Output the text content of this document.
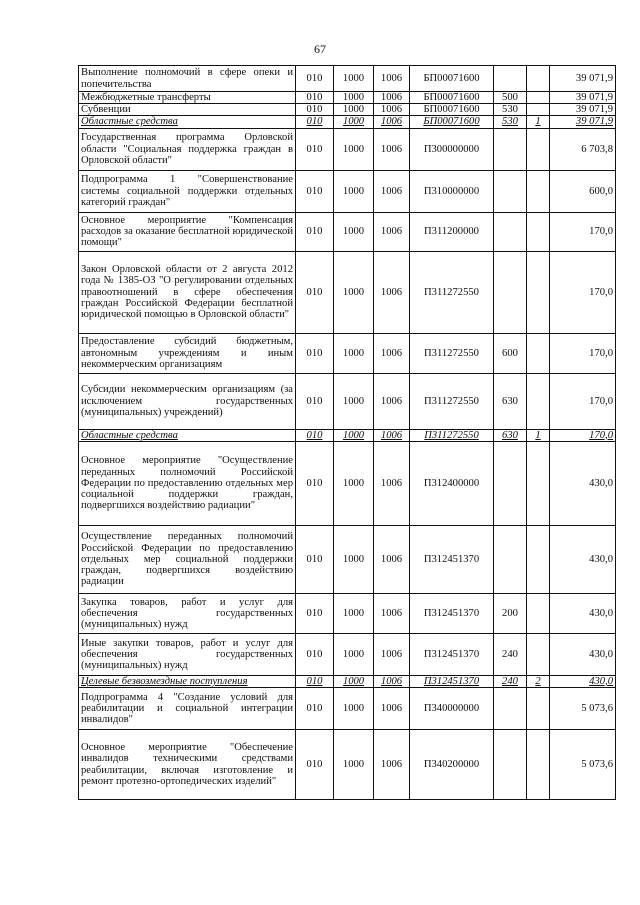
67
Выполнение полномочий в сфере опеки и попечительства	010	1000	1006	БП00071600			39 071,9
Межбюджетные трансферты	010	1000	1006	БП00071600	500		39 071,9
Субвенции	010	1000	1006	БП00071600	530		39 071,9
Областные средства	010	1000	1006	БП00071600	530	1	39 071,9
Государственная программа Орловской области "Социальная поддержка граждан в Орловской области"	010	1000	1006	П300000000			6 703,8
Подпрограмма 1 "Совершенствование системы социальной поддержки отдельных категорий граждан"	010	1000	1006	П310000000			600,0
Основное мероприятие "Компенсация расходов за оказание бесплатной юридической помощи"	010	1000	1006	П311200000			170,0
Закон Орловской области от 2 августа 2012 года № 1385-ОЗ "О регулировании отдельных правоотношений в сфере обеспечения граждан Российской Федерации бесплатной юридической помощью в Орловской области"	010	1000	1006	П311272550			170,0
Предоставление субсидий бюджетным, автономным учреждениям и иным некоммерческим организациям	010	1000	1006	П311272550	600		170,0
Субсидии некоммерческим организациям (за исключением государственных (муниципальных) учреждений)	010	1000	1006	П311272550	630		170,0
Областные средства	010	1000	1006	П311272550	630	1	170,0
Основное мероприятие "Осуществление переданных полномочий Российской Федерации по предоставлению отдельных мер социальной поддержки граждан, подвергшихся воздействию радиации"	010	1000	1006	П312400000			430,0
Осуществление переданных полномочий Российской Федерации по предоставлению отдельных мер социальной поддержки граждан, подвергшихся воздействию радиации	010	1000	1006	П312451370			430,0
Закупка товаров, работ и услуг для обеспечения государственных (муниципальных) нужд	010	1000	1006	П312451370	200		430,0
Иные закупки товаров, работ и услуг для обеспечения государственных (муниципальных) нужд	010	1000	1006	П312451370	240		430,0
Целевые безвозмездные поступления	010	1000	1006	П312451370	240	2	430,0
Подпрограмма 4 "Создание условий для реабилитации и социальной интеграции инвалидов"	010	1000	1006	П340000000			5 073,6
Основное мероприятие "Обеспечение инвалидов техническими средствами реабилитации, включая изготовление и ремонт протезно-ортопедических изделий"	010	1000	1006	П340200000			5 073,6
